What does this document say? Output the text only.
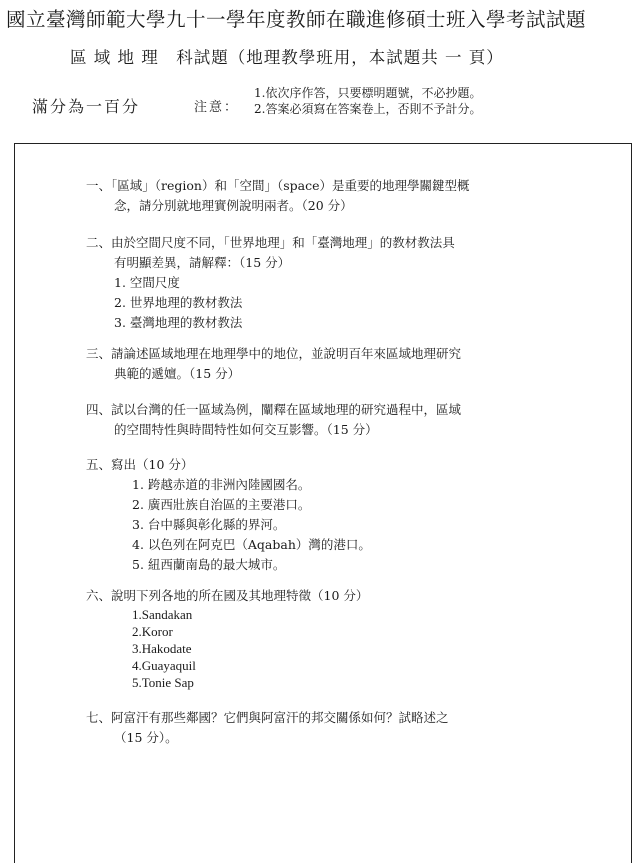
國立臺灣師範大學九十一學年度教師在職進修碩士班入學考試試題
區 域 地 理　科試題（地理教學班用，本試題共 一 頁）
滿分為一百分	注意：
1.依次序作答，只要標明題號，不必抄題。
2.答案必須寫在答案卷上，否則不予計分。
一、「區域」（region）和「空間」（space）是重要的地理學關鍵型概
念，請分別就地理實例說明兩者。（20 分）
二、由於空間尺度不同，「世界地理」和「臺灣地理」的教材教法具
有明顯差異，請解釋：（15 分）
1. 空間尺度
2. 世界地理的教材教法
3. 臺灣地理的教材教法
三、請論述區域地理在地理學中的地位，並說明百年來區域地理研究
典範的遞嬗。（15 分）
四、試以台灣的任一區域為例，闡釋在區域地理的研究過程中，區域
的空間特性與時間特性如何交互影響。（15 分）
五、寫出（10 分）
1. 跨越赤道的非洲內陸國國名。
2. 廣西壯族自治區的主要港口。
3. 台中縣與彰化縣的界河。
4. 以色列在阿克巴（Aqabah）灣的港口。
5. 紐西蘭南島的最大城市。
六、說明下列各地的所在國及其地理特徵（10 分）
1.Sandakan
2.Koror
3.Hakodate
4.Guayaquil
5.Tonie Sap
七、阿富汗有那些鄰國？它們與阿富汗的邦交關係如何？試略述之
（15 分）。
